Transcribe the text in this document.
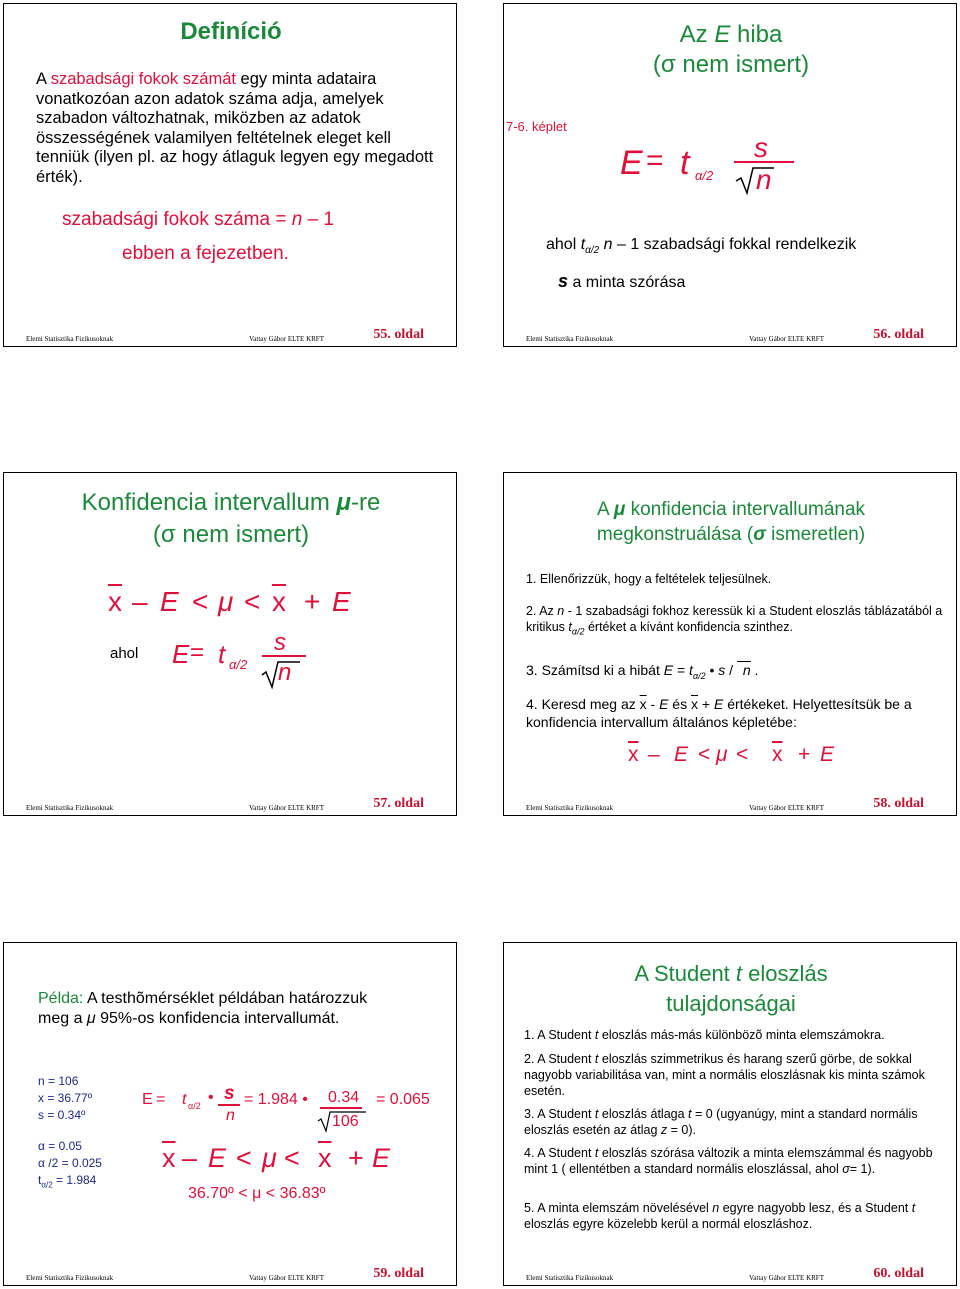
Definíció
A szabadsági fokok számát egy minta adataira vonatkozóan azon adatok száma adja, amelyek szabadon változhatnak, miközben az adatok összességének valamilyen feltételnek eleget kell tenniük (ilyen pl. az hogy átlaguk legyen egy megadott érték).
szabadsági fokok száma = n – 1
ebben a fejezetben.
Elemi Statisztika Fizikusoknak	Vattay Gábor ELTE KRFT	55. oldal
Az E hiba
(σ nem ismert)
7-6. képlet
E = t α/2
s
n
ahol $t_{\alpha/2}$ n – 1 szabadsági fokkal rendelkezik
s a minta szórása
Elemi Statisztika Fizikusoknak	Vattay Gábor ELTE KRFT	56. oldal
Konfidencia intervallum μ-re
(σ nem ismert)
$\overline{x} - E < \mu < \overline{x} + E$
ahol E = t α/2
s
n
Elemi Statisztika Fizikusoknak	Vattay Gábor ELTE KRFT	57. oldal
A μ konfidencia intervallumának
megkonstruálása (σ ismeretlen)
1. Ellenőrizzük, hogy a feltételek teljesülnek.
2. Az n - 1 szabadsági fokhoz keressük ki a Student eloszlás táblázatából a kritikus $t_{\alpha/2}$ értéket a kívánt konfidencia szinthez.
3. Számítsd ki a hibát $E = t_{\alpha/2}$ • s /  n .
4. Keresd meg az $\overline{x}$ - E és $\overline{x} + E$ értékeket. Helyettesítsük be a konfidencia intervallum általános képletébe:
$\overline{x} - E < \mu < \overline{x} + E$
Elemi Statisztika Fizikusoknak	Vattay Gábor ELTE KRFT	58. oldal
Példa: A testhõmérséklet példában határozzuk meg a μ 95%-os konfidencia intervallumát.
n = 106
x = 36.77º
s = 0.34º
α = 0.05
α /2 = 0.025
$t_{\alpha/2} = 1.984$
E = t α/2 • s
n
= 1.984 • 0.34
106
= 0.065
$\overline{x} - E < \mu < \overline{x} + E$
36.70º < μ < 36.83º
Elemi Statisztika Fizikusoknak	Vattay Gábor ELTE KRFT	59. oldal
A Student t eloszlás
tulajdonságai
1. A Student t eloszlás más-más különbözõ minta elemszámokra.
2. A Student t eloszlás szimmetrikus és harang szerű görbe, de sokkal nagyobb variabilitása van, mint a normális eloszlásnak kis minta számok esetén.
3. A Student t eloszlás átlaga t = 0 (ugyanúgy, mint a standard normális eloszlás esetén az átlag z = 0).
4. A Student t eloszlás szórása változik a minta elemszámmal és nagyobb mint 1 ( ellentétben a standard normális eloszlással, ahol σ= 1).
5. A minta elemszám növelésével n egyre nagyobb lesz, és a Student t eloszlás egyre közelebb kerül a normál eloszláshoz.
Elemi Statisztika Fizikusoknak	Vattay Gábor ELTE KRFT	60. oldal
